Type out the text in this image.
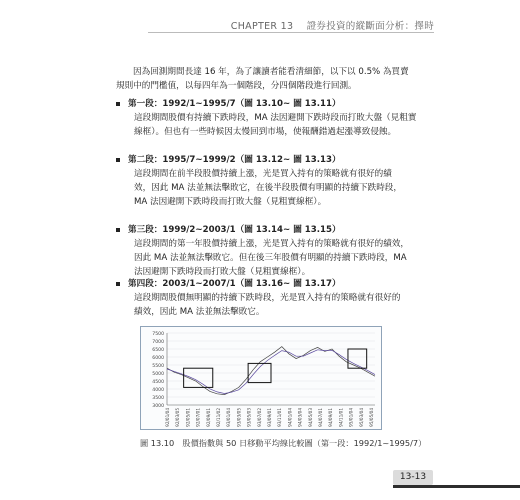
CHAPTER 13 證券投資的縱斷面分析：擇時
因為回測期間長達 16 年，為了讓讀者能看清細節，以下以 0.5% 為買賣
規則中的門檻值，以每四年為一個階段，分四個階段進行回測。
第一段：1992/1~1995/7（圖 13.10~ 圖 13.11）
這段期間股價有持續下跌時段，MA 法因避開下跌時段而打敗大盤（見粗實
線框）。但也有一些時候因太慢回到市場，使報酬錯過起漲導致侵蝕。
第二段：1995/7~1999/2（圖 13.12~ 圖 13.13）
這段期間在前半段股價持續上漲，光是買入持有的策略就有很好的績
效，因此 MA 法並無法擊敗它，在後半段股價有明顯的持續下跌時段，
MA 法因避開下跌時段而打敗大盤（見粗實線框）。
第三段：1999/2~2003/1（圖 13.14~ 圖 13.15）
這段期間的第一年股價持續上漲，光是買入持有的策略就有很好的績效，
因此 MA 法並無法擊敗它。但在後三年股價有明顯的持續下跌時段，MA
法因避開下跌時段而打敗大盤（見粗實線框）。
第四段：2003/1~2007/1（圖 13.16~ 圖 13.17）
這段期間股價無明顯的持續下跌時段，光是買入持有的策略就有很好的
績效，因此 MA 法並無法擊敗它。
7500
7000
6500
6000
5500
5000
4500
4000
3500
3000
92/01/04 92/03/05 92/05/01 92/07/01 92/09/01 92/11/02 93/01/04 93/03/05 93/05/03 93/07/02 93/09/01 93/11/01 94/01/04 94/03/04 94/05/03 94/07/01 94/09/01 94/11/01 95/01/04 95/03/04 95/05/04
圖 13.10　股價指數與 50 日移動平均線比較圖（第一段：1992/1~1995/7）
13-13
